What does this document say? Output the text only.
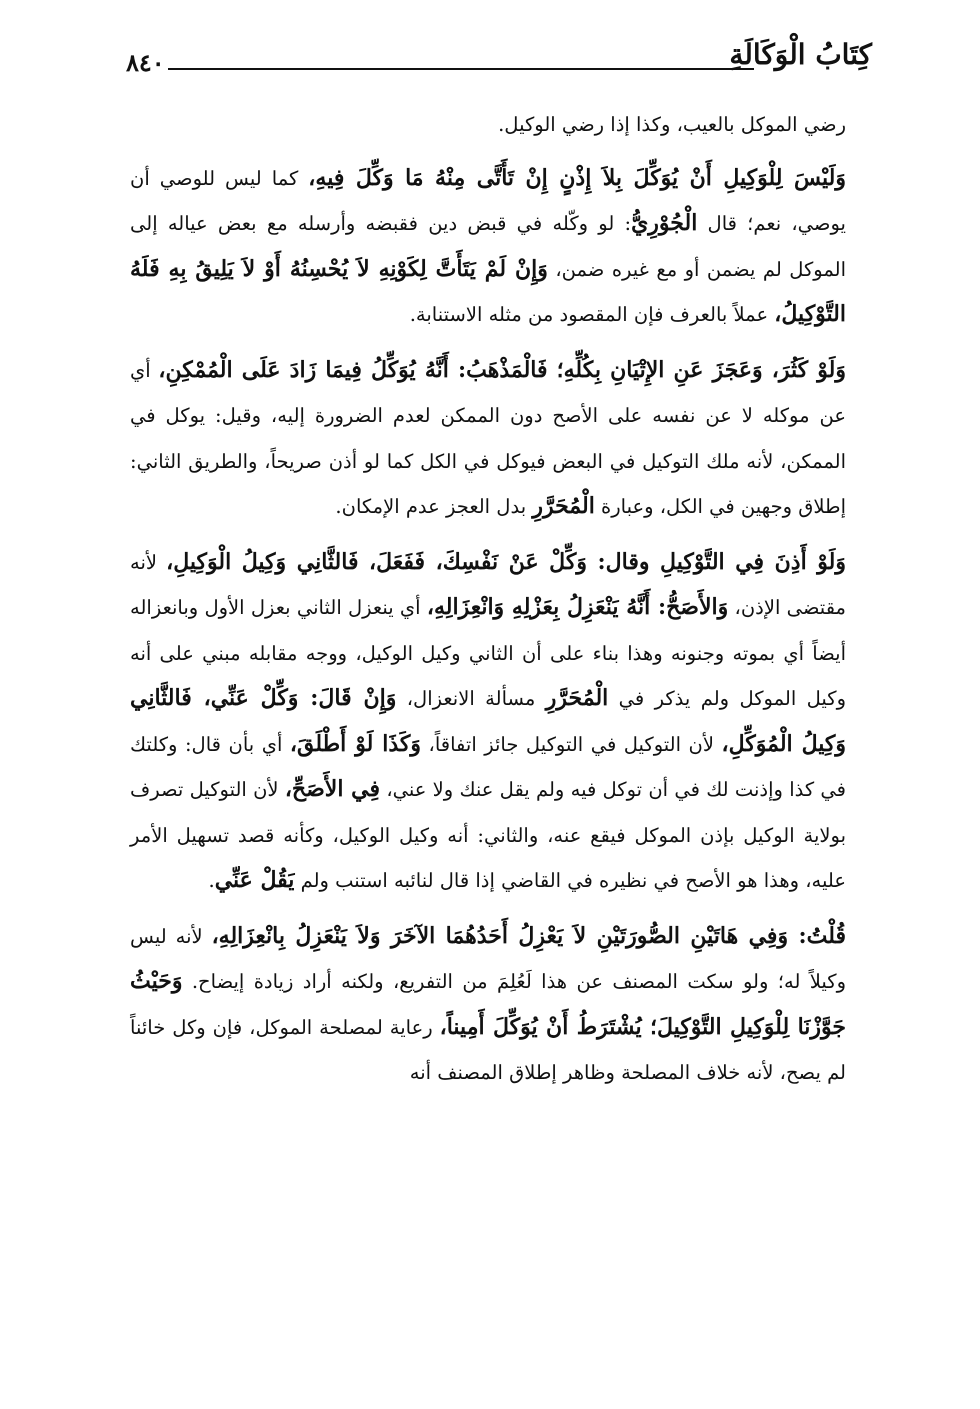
٨٤٠	كِتَابُ الْوَكَالَةِ

رضي الموكل بالعيب، وكذا إذا رضي الوكيل.

وَلَيْسَ لِلْوَكِيلِ أَنْ يُوَكِّلَ بِلاَ إِذْنٍ إِنْ تَأَتَّى مِنْهُ مَا وَكِّلَ فِيهِ، كما ليس للوصي أن يوصي، نعم؛ قال الْجُوْرِيُّ: لو وكّله في قبض دين فقبضه وأرسله مع بعض عياله إلى الموكل لم يضمن أو مع غيره ضمن، وَإِنْ لَمْ يَتَأَتَّ لِكَوْنِهِ لاَ يُحْسِنُهُ أَوْ لاَ يَلِيقُ بِهِ فَلَهُ التَّوْكِيلُ، عملاً بالعرف فإن المقصود من مثله الاستنابة.

وَلَوْ كَثُرَ، وَعَجَزَ عَنِ الإِتْيَانِ بِكُلِّهِ؛ فَالْمَذْهَبُ: أَنَّهُ يُوَكِّلُ فِيمَا زَادَ عَلَى الْمُمْكِنِ، أي عن موكله لا عن نفسه على الأصح دون الممكن لعدم الضرورة إليه، وقيل: يوكل في الممكن، لأنه ملك التوكيل في البعض فيوكل في الكل كما لو أذن صريحاً، والطريق الثاني: إطلاق وجهين في الكل، وعبارة الْمُحَرَّرِ بدل العجز عدم الإمكان.

وَلَوْ أَذِنَ فِي التَّوْكِيلِ وقال: وَكِّلْ عَنْ نَفْسِكَ، فَفَعَلَ، فَالثَّانِي وَكِيلُ الْوَكِيلِ، لأنه مقتضى الإذن، وَالأَصَحُّ: أَنَّهُ يَنْعَزِلُ بِعَزْلِهِ وَانْعِزَالِهِ، أي ينعزل الثاني بعزل الأول وبانعزاله أيضاً أي بموته وجنونه وهذا بناء على أن الثاني وكيل الوكيل، ووجه مقابله مبني على أنه وكيل الموكل ولم يذكر في الْمُحَرَّرِ مسألة الانعزال، وَإِنْ قَالَ: وَكِّلْ عَنِّي، فَالثَّانِي وَكِيلُ الْمُوَكِّلِ، لأن التوكيل في التوكيل جائز اتفاقاً، وَكَذَا لَوْ أَطْلَقَ، أي بأن قال: وكلتك في كذا وإذنت لك في أن توكل فيه ولم يقل عنك ولا عني، فِي الأَصَحِّ، لأن التوكيل تصرف بولاية الوكيل بإذن الموكل فيقع عنه، والثاني: أنه وكيل الوكيل، وكأنه قصد تسهيل الأمر عليه، وهذا هو الأصح في نظيره في القاضي إذا قال لنائبه استنب ولم يَقُلْ عَنِّي.

قُلْتُ: وَفِي هَاتَيْنِ الصُّورَتَيْنِ لاَ يَعْزِلُ أَحَدُهُمَا الآخَرَ وَلاَ يَنْعَزِلُ بِانْعِزَالِهِ، لأنه ليس وكيلاً له؛ ولو سكت المصنف عن هذا لَعُلِمَ من التفريع، ولكنه أراد زيادة إيضاح. وَحَيْثُ جَوَّزْنَا لِلْوَكِيلِ التَّوْكِيلَ؛ يُشْتَرَطُ أَنْ يُوَكِّلَ أَمِيناً، رعاية لمصلحة الموكل، فإن وكل خائناً لم يصح، لأنه خلاف المصلحة وظاهر إطلاق المصنف أنه
